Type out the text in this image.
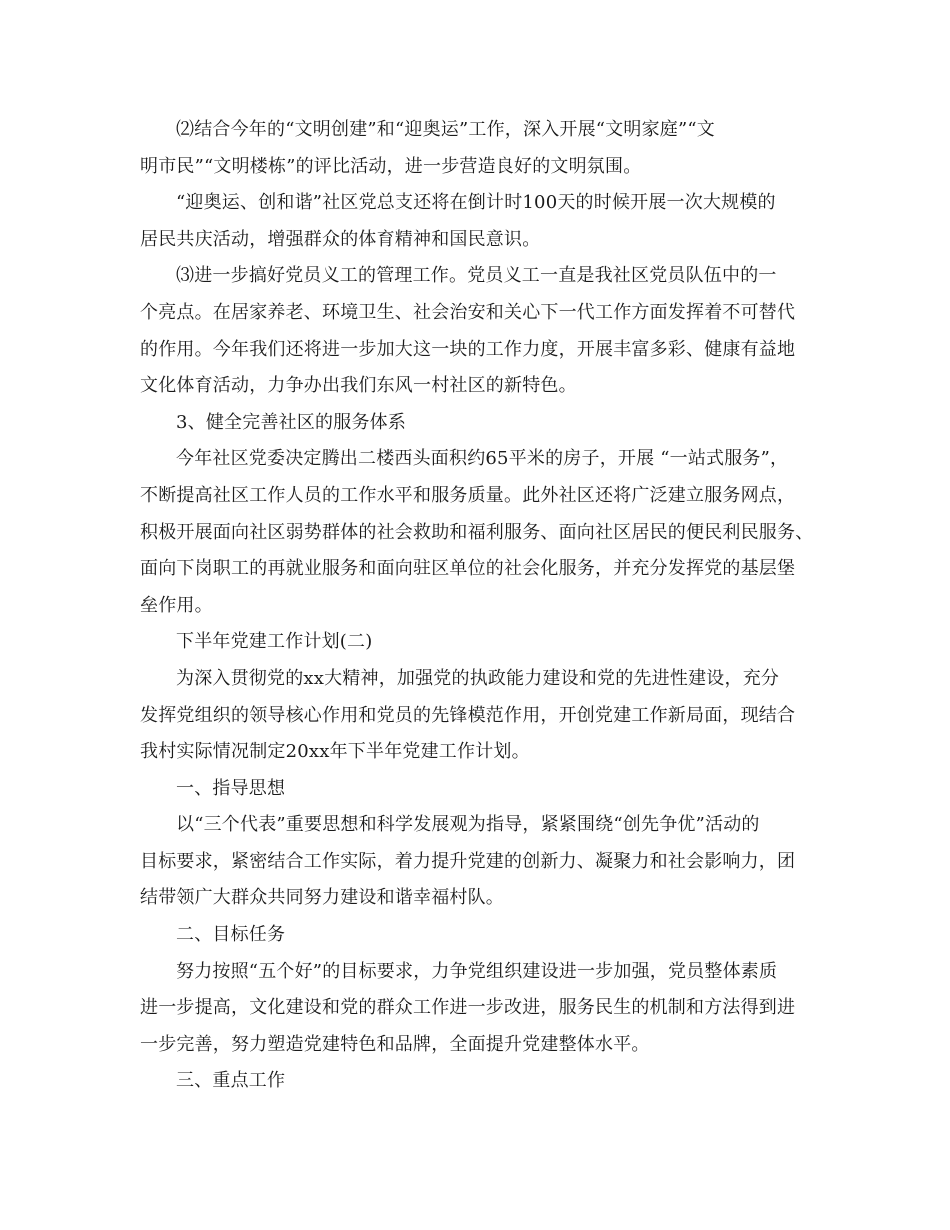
⑵结合今年的“文明创建”和“迎奥运”工作，深入开展“文明家庭”“文
明市民”“文明楼栋”的评比活动，进一步营造良好的文明氛围。
“迎奥运、创和谐”社区党总支还将在倒计时100天的时候开展一次大规模的
居民共庆活动，增强群众的体育精神和国民意识。
⑶进一步搞好党员义工的管理工作。党员义工一直是我社区党员队伍中的一
个亮点。在居家养老、环境卫生、社会治安和关心下一代工作方面发挥着不可替代
的作用。今年我们还将进一步加大这一块的工作力度，开展丰富多彩、健康有益地
文化体育活动，力争办出我们东风一村社区的新特色。
3、健全完善社区的服务体系
今年社区党委决定腾出二楼西头面积约65平米的房子，开展 “一站式服务”，
不断提高社区工作人员的工作水平和服务质量。此外社区还将广泛建立服务网点，
积极开展面向社区弱势群体的社会救助和福利服务、面向社区居民的便民利民服务、
面向下岗职工的再就业服务和面向驻区单位的社会化服务，并充分发挥党的基层堡
垒作用。
下半年党建工作计划(二)
为深入贯彻党的xx大精神，加强党的执政能力建设和党的先进性建设，充分
发挥党组织的领导核心作用和党员的先锋模范作用，开创党建工作新局面，现结合
我村实际情况制定20xx年下半年党建工作计划。
一、指导思想
以“三个代表”重要思想和科学发展观为指导，紧紧围绕“创先争优”活动的
目标要求，紧密结合工作实际，着力提升党建的创新力、凝聚力和社会影响力，团
结带领广大群众共同努力建设和谐幸福村队。
二、目标任务
努力按照“五个好”的目标要求，力争党组织建设进一步加强，党员整体素质
进一步提高，文化建设和党的群众工作进一步改进，服务民生的机制和方法得到进
一步完善，努力塑造党建特色和品牌，全面提升党建整体水平。
三、重点工作
